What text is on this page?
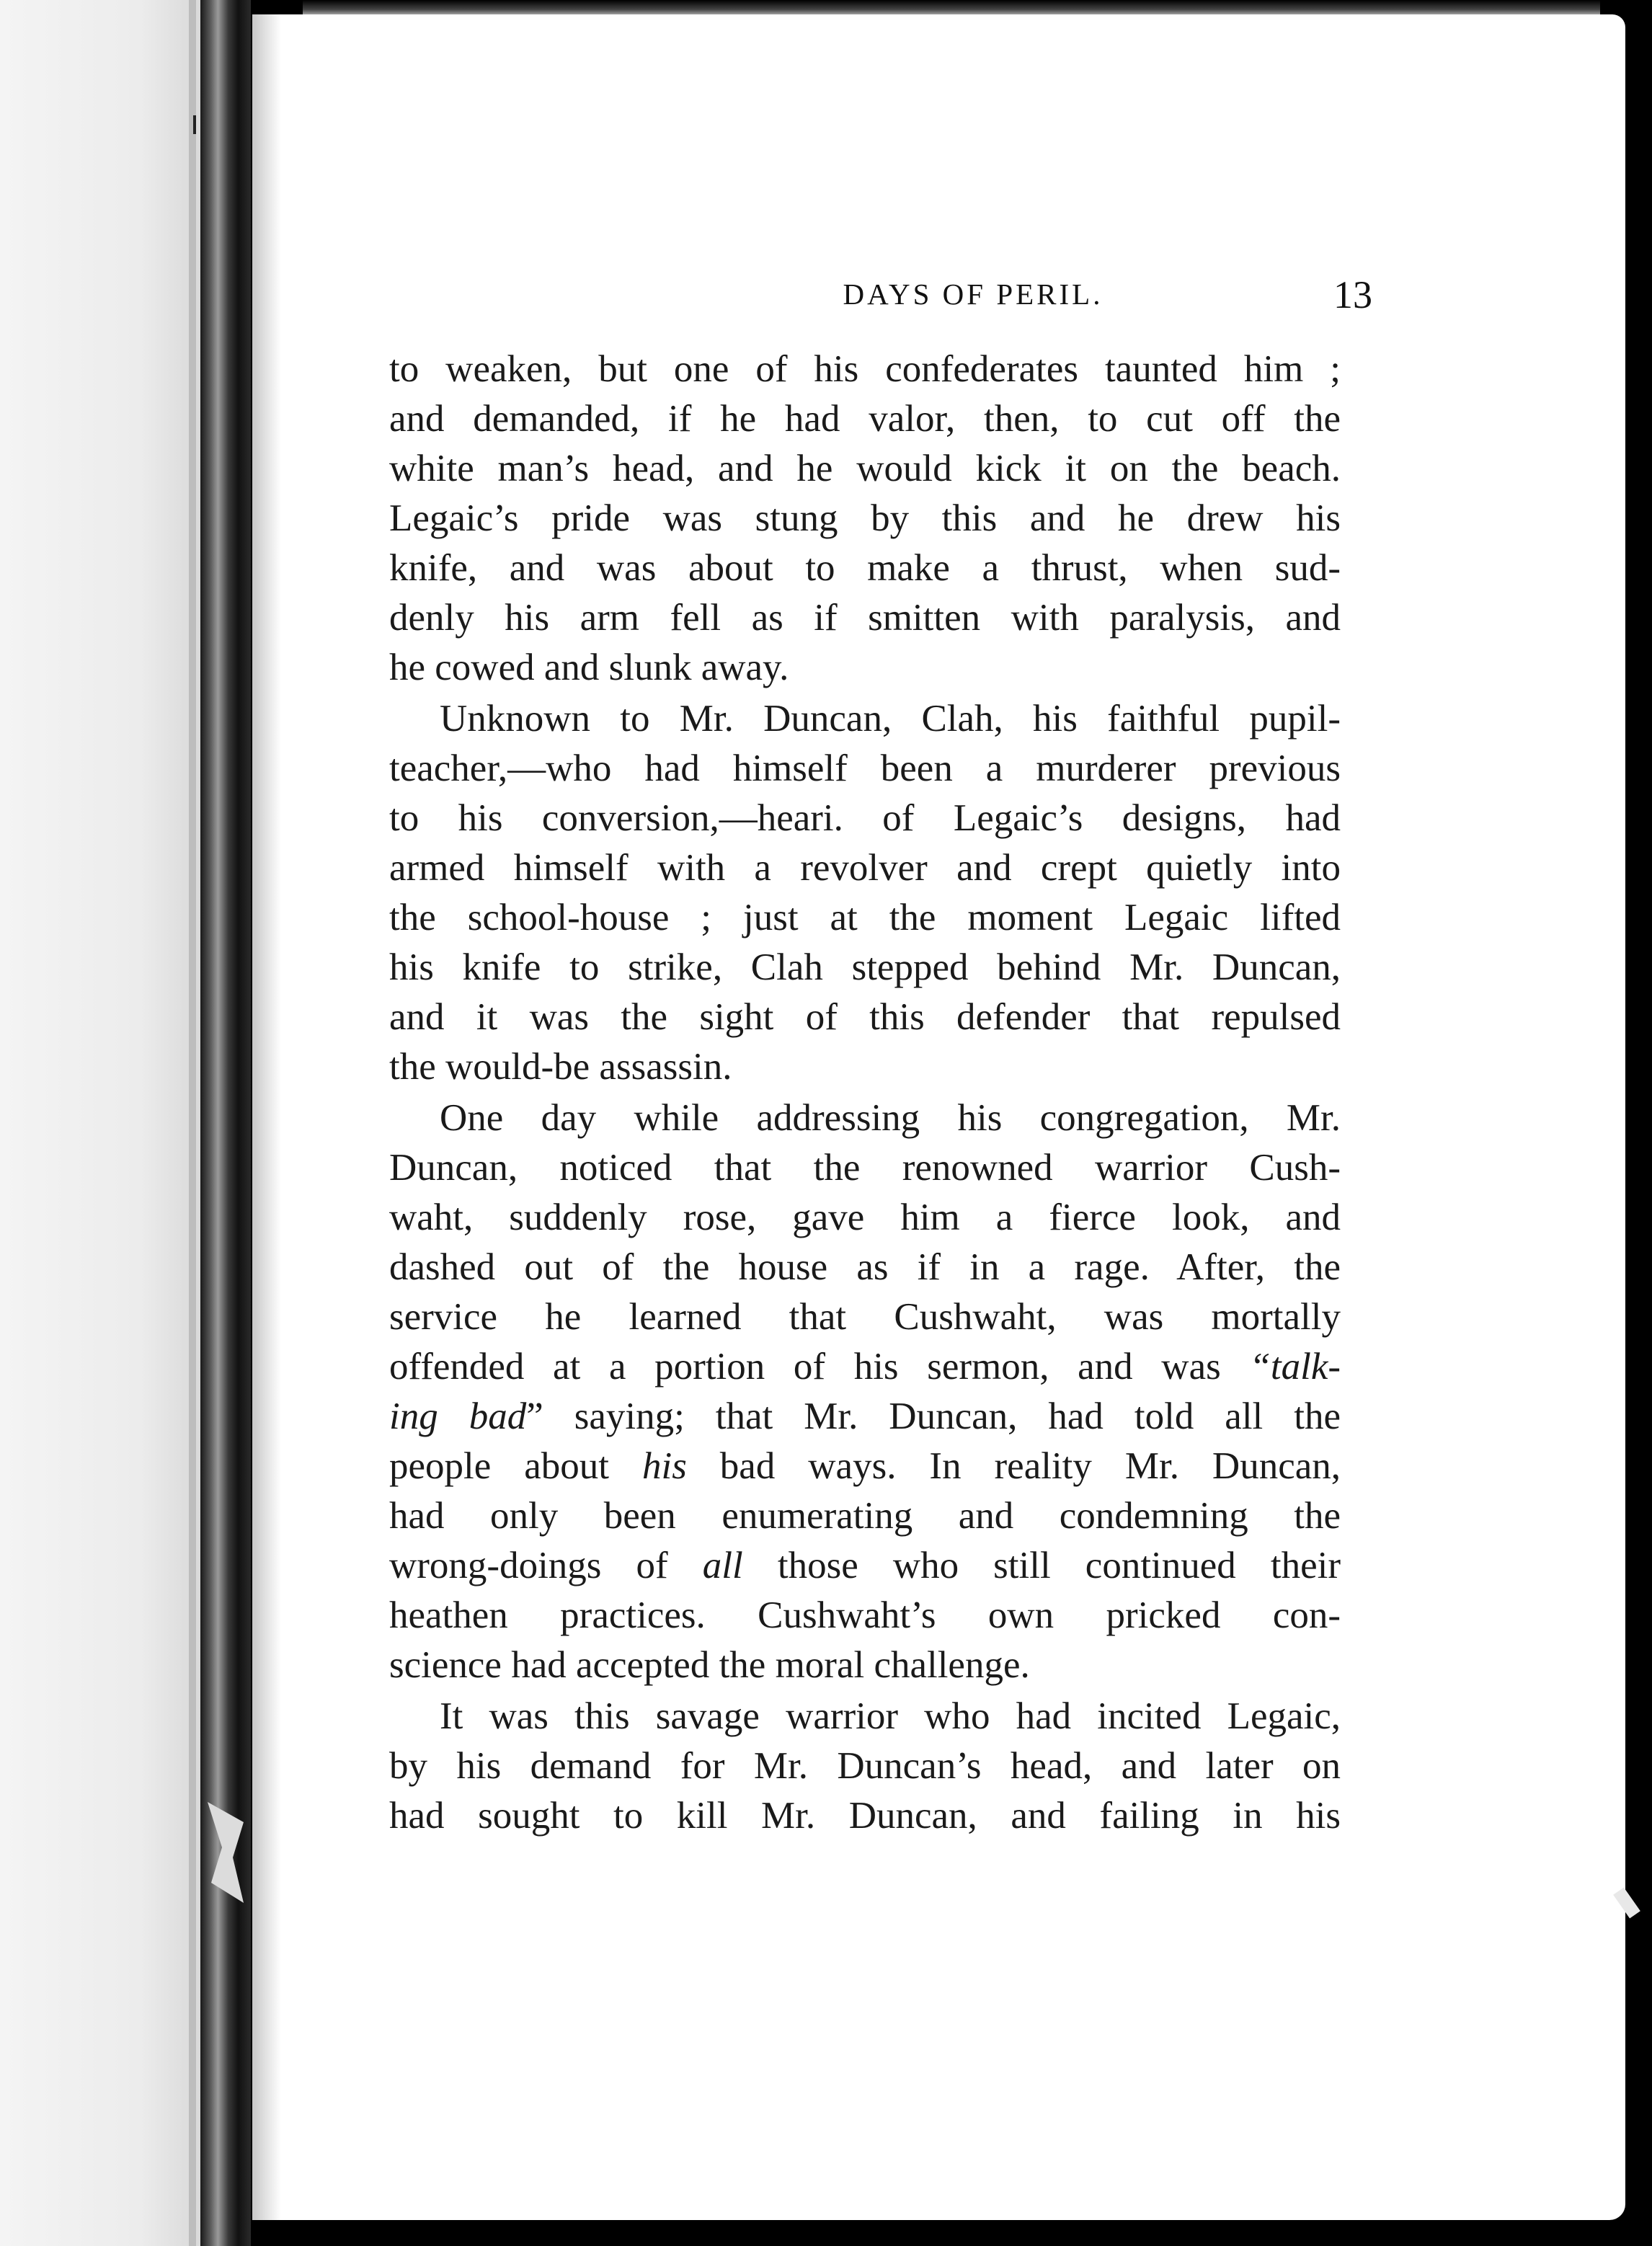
DAYS OF PERIL.	13
to weaken, but one of his confederates taunted him ;
and demanded, if he had valor, then, to cut off the
white man’s head, and he would kick it on the beach.
Legaic’s pride was stung by this and he drew his
knife, and was about to make a thrust, when sud-
denly his arm fell as if smitten with paralysis, and
he cowed and slunk away.
Unknown to Mr. Duncan, Clah, his faithful pupil-
teacher,—who had himself been a murderer previous
to his conversion,—heari. of Legaic’s designs, had
armed himself with a revolver and crept quietly into
the school-house ; just at the moment Legaic lifted
his knife to strike, Clah stepped behind Mr. Duncan,
and it was the sight of this defender that repulsed
the would-be assassin.
One day while addressing his congregation, Mr.
Duncan, noticed that the renowned warrior Cush-
waht, suddenly rose, gave him a fierce look, and
dashed out of the house as if in a rage. After, the
service he learned that Cushwaht, was mortally
offended at a portion of his sermon, and was “talk-
ing bad” saying; that Mr. Duncan, had told all the
people about his bad ways. In reality Mr. Duncan,
had only been enumerating and condemning the
wrong-doings of all those who still continued their
heathen practices. Cushwaht’s own pricked con-
science had accepted the moral challenge.
It was this savage warrior who had incited Legaic,
by his demand for Mr. Duncan’s head, and later on
had sought to kill Mr. Duncan, and failing in his
